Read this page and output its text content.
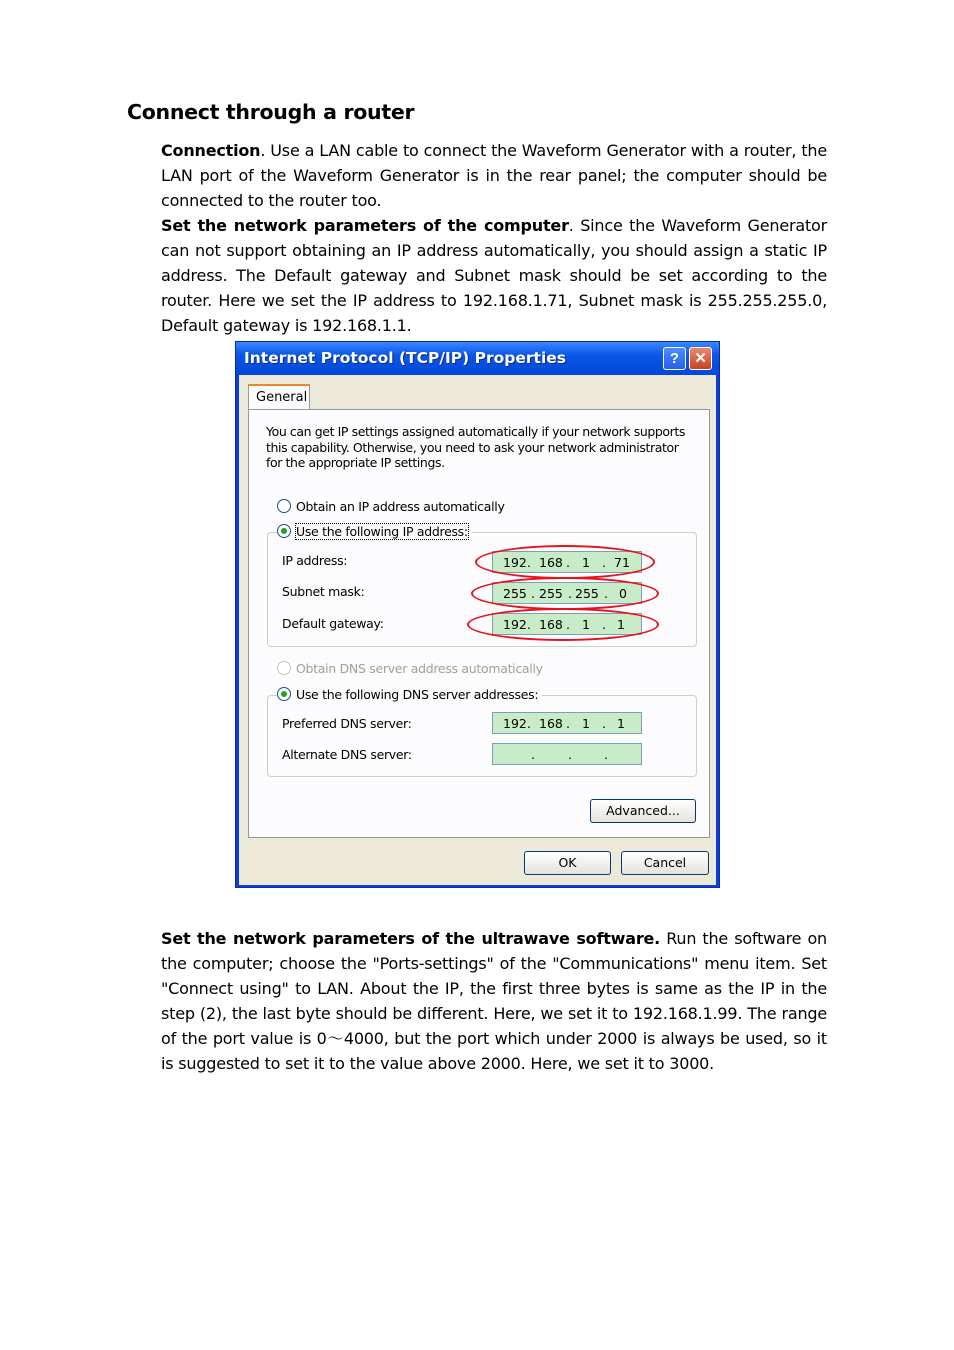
Connect through a router
Connection. Use a LAN cable to connect the Waveform Generator with a router, the LAN port of the Waveform Generator is in the rear panel; the computer should be connected to the router too.
Set the network parameters of the computer. Since the Waveform Generator can not support obtaining an IP address automatically, you should assign a static IP address. The Default gateway and Subnet mask should be set according to the router. Here we set the IP address to 192.168.1.71, Subnet mask is 255.255.255.0, Default gateway is 192.168.1.1.
Internet Protocol (TCP/IP) Properties	?	✕
General
You can get IP settings assigned automatically if your network supports this capability. Otherwise, you need to ask your network administrator for the appropriate IP settings.
Obtain an IP address automatically
Use the following IP address:
IP address:	192 . 168 . 1 . 71
Subnet mask:	255 . 255 . 255 . 0
Default gateway:	192 . 168 . 1 . 1
Obtain DNS server address automatically
Use the following DNS server addresses:
Preferred DNS server:	192 . 168 . 1 . 1
Alternate DNS server:	.	.	.
Advanced...
OK	Cancel
Set the network parameters of the ultrawave software. Run the software on the computer; choose the "Ports-settings" of the "Communications" menu item. Set "Connect using" to LAN. About the IP, the first three bytes is same as the IP in the step (2), the last byte should be different. Here, we set it to 192.168.1.99. The range of the port value is 0～4000, but the port which under 2000 is always be used, so it is suggested to set it to the value above 2000. Here, we set it to 3000.
